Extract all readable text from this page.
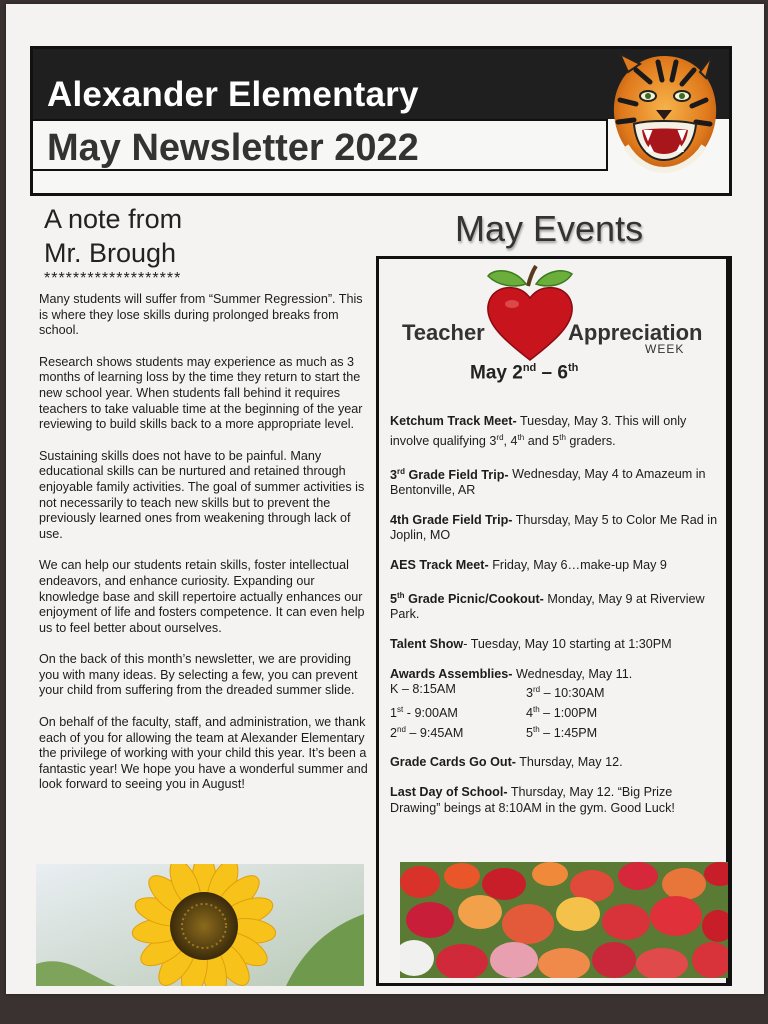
Alexander Elementary
May Newsletter 2022
A note from
Mr. Brough
*******************

Many students will suffer from “Summer Regression”. This is where they lose skills during prolonged breaks from school.

Research shows students may experience as much as 3 months of learning loss by the time they return to start the new school year. When students fall behind it requires teachers to take valuable time at the beginning of the year reviewing to build skills back to a more appropriate level.

Sustaining skills does not have to be painful. Many educational skills can be nurtured and retained through enjoyable family activities. The goal of summer activities is not necessarily to teach new skills but to prevent the previously learned ones from weakening through lack of use.

We can help our students retain skills, foster intellectual endeavors, and enhance curiosity. Expanding our knowledge base and skill repertoire actually enhances our enjoyment of life and fosters competence. It can even help us to feel better about ourselves.

On the back of this month’s newsletter, we are providing you with many ideas. By selecting a few, you can prevent your child from suffering from the dreaded summer slide.

On behalf of the faculty, staff, and administration, we thank each of you for allowing the team at Alexander Elementary the privilege of working with your child this year. It’s been a fantastic year! We hope you have a wonderful summer and look forward to seeing you in August!

May Events
Teacher	Appreciation
WEEK
May 2nd – 6th
Ketchum Track Meet- Tuesday, May 3. This will only involve qualifying 3rd, 4th and 5th graders.
3rd Grade Field Trip- Wednesday, May 4 to Amazeum in Bentonville, AR
4th Grade Field Trip- Thursday, May 5 to Color Me Rad in Joplin, MO
AES Track Meet- Friday, May 6…make-up May 9
5th Grade Picnic/Cookout- Monday, May 9 at Riverview Park.
Talent Show- Tuesday, May 10 starting at 1:30PM
Awards Assemblies- Wednesday, May 11.
K – 8:15AM	3rd – 10:30AM
1st - 9:00AM	4th – 1:00PM
2nd – 9:45AM	5th – 1:45PM
Grade Cards Go Out- Thursday, May 12.
Last Day of School- Thursday, May 12. “Big Prize Drawing” beings at 8:10AM in the gym. Good Luck!
